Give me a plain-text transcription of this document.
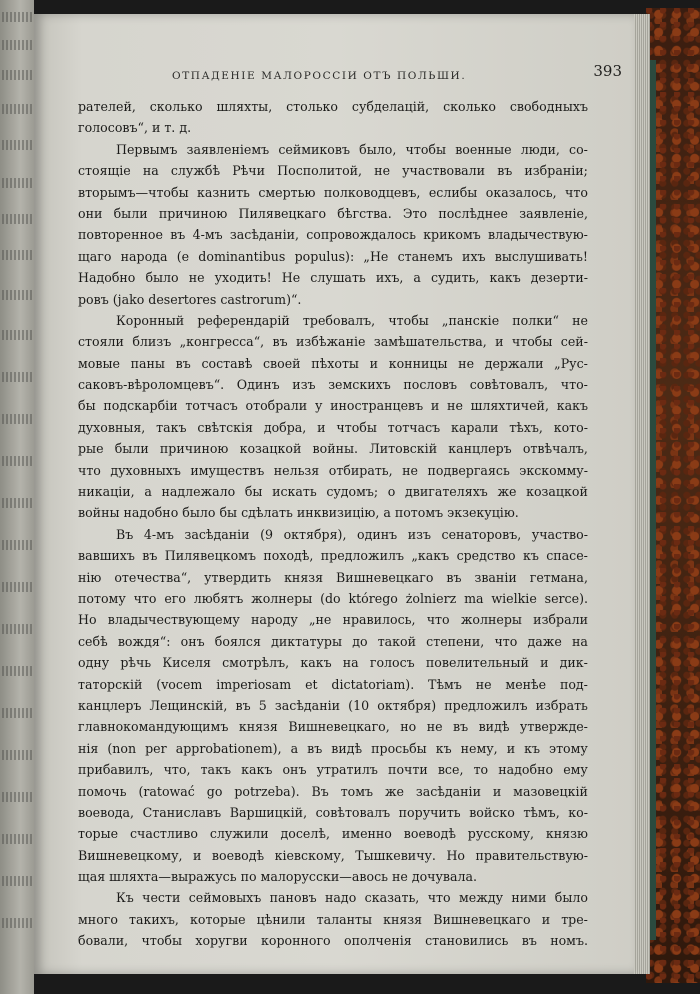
ОТПАДЕНІЕ МАЛОРОССІИ ОТЪ ПОЛЬШИ.	393
рателей, сколько шляхты, столько субделацій, сколько свободныхъ
голосовъ“, и т. д.
Первымъ заявленіемъ сеймиковъ было, чтобы военные люди, со-
стоящіе на службѣ Рѣчи Посполитой, не участвовали въ избраніи;
вторымъ—чтобы казнить смертью полководцевъ, еслибы оказалось, что
они были причиною Пилявецкаго бѣгства. Это послѣднее заявленіе,
повторенное въ 4-мъ засѣданіи, сопровождалось крикомъ владычествую-
щаго народа (e dominantibus populus): „Не станемъ ихъ выслушивать!
Надобно было не уходить! Не слушать ихъ, а судить, какъ дезерти-
ровъ (jako desertores castrorum)“.
Коронный референдарій требовалъ, чтобы „панскіе полки“ не
стояли близъ „конгресса“, въ избѣжаніе замѣшательства, и чтобы сей-
мовые паны въ составѣ своей пѣхоты и конницы не держали „Рус-
саковъ-вѣроломцевъ“. Одинъ изъ земскихъ пословъ совѣтовалъ, что-
бы подскарбіи тотчасъ отобрали у иностранцевъ и не шляхтичей, какъ
духовныя, такъ свѣтскія добра, и чтобы тотчасъ карали тѣхъ, кото-
рые были причиною козацкой войны. Литовскій канцлеръ отвѣчалъ,
что духовныхъ имуществъ нельзя отбирать, не подвергаясь экскомму-
никаціи, а надлежало бы искать судомъ; о двигателяхъ же козацкой
войны надобно было бы сдѣлать инквизицію, а потомъ экзекуцію.
Въ 4-мъ засѣданіи (9 октября), одинъ изъ сенаторовъ, участво-
вавшихъ въ Пилявецкомъ походѣ, предложилъ „какъ средство къ спасе-
нію отечества“, утвердить князя Вишневецкаго въ званіи гетмана,
потому что его любятъ жолнеры (do którego żolnierz ma wielkie serce).
Но владычествующему народу „не нравилось, что жолнеры избрали
себѣ вождя“: онъ боялся диктатуры до такой степени, что даже на
одну рѣчь Киселя смотрѣлъ, какъ на голосъ повелительный и дик-
таторскій (vocem imperiosam et dictatoriam). Тѣмъ не менѣе под-
канцлеръ Лещинскій, въ 5 засѣданіи (10 октября) предложилъ избрать
главнокомандующимъ князя Вишневецкаго, но не въ видѣ утвержде-
нія (non per approbationem), а въ видѣ просьбы къ нему, и къ этому
прибавилъ, что, такъ какъ онъ утратилъ почти все, то надобно ему
помочь (ratować go potrzeba). Въ томъ же засѣданіи и мазовецкій
воевода, Станиславъ Варшицкій, совѣтовалъ поручить войско тѣмъ, ко-
торые счастливо служили доселѣ, именно воеводѣ русскому, князю
Вишневецкому, и воеводѣ кіевскому, Тышкевичу. Но правительствую-
щая шляхта—выражусь по малорусски—авось не дочувала.
Къ чести сеймовыхъ пановъ надо сказать, что между ними было
много такихъ, которые цѣнили таланты князя Вишневецкаго и тре-
бовали, чтобы хоругви коронного ополченія становились въ номъ.
